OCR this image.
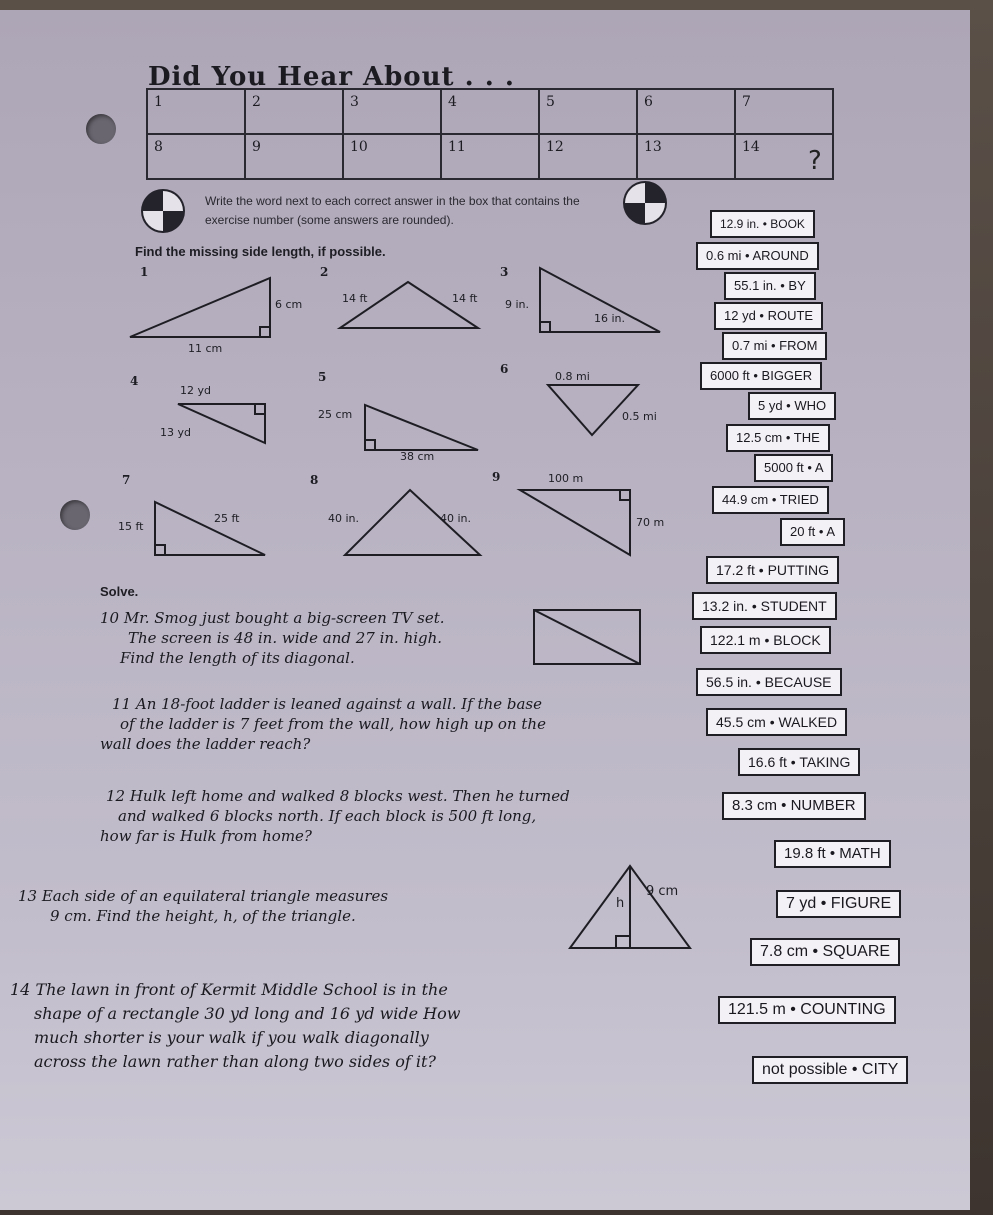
Did You Hear About . . .
1	2	3	4	5	6	7
8	9	10	11	12	13	14 ?
Write the word next to each correct answer in the box that contains the exercise number (some answers are rounded).
Find the missing side length, if possible.
1
6 cm
11 cm
2
14 ft	14 ft
3
9 in.
16 in.
4
12 yd
13 yd
5
25 cm
38 cm
6
0.8 mi
0.5 mi
7
25 ft
15 ft
8
40 in.	40 in.
9	100 m
70 m
Solve.
10 Mr. Smog just bought a big-screen TV set.
The screen is 48 in. wide and 27 in. high.
Find the length of its diagonal.
11 An 18-foot ladder is leaned against a wall. If the base
of the ladder is 7 feet from the wall, how high up on the
wall does the ladder reach?
12 Hulk left home and walked 8 blocks west. Then he turned
and walked 6 blocks north. If each block is 500 ft long,
how far is Hulk from home?
13 Each side of an equilateral triangle measures
9 cm. Find the height, h, of the triangle.
9 cm
h
14 The lawn in front of Kermit Middle School is in the
shape of a rectangle 30 yd long and 16 yd wide How
much shorter is your walk if you walk diagonally
across the lawn rather than along two sides of it?
12.9 in. • BOOK
0.6 mi • AROUND
55.1 in. • BY
12 yd • ROUTE
0.7 mi • FROM
6000 ft • BIGGER
5 yd • WHO
12.5 cm • THE
5000 ft • A
44.9 cm • TRIED
20 ft • A
17.2 ft • PUTTING
13.2 in. • STUDENT
122.1 m • BLOCK
56.5 in. • BECAUSE
45.5 cm • WALKED
16.6 ft • TAKING
8.3 cm • NUMBER
19.8 ft • MATH
7 yd • FIGURE
7.8 cm • SQUARE
121.5 m • COUNTING
not possible • CITY
